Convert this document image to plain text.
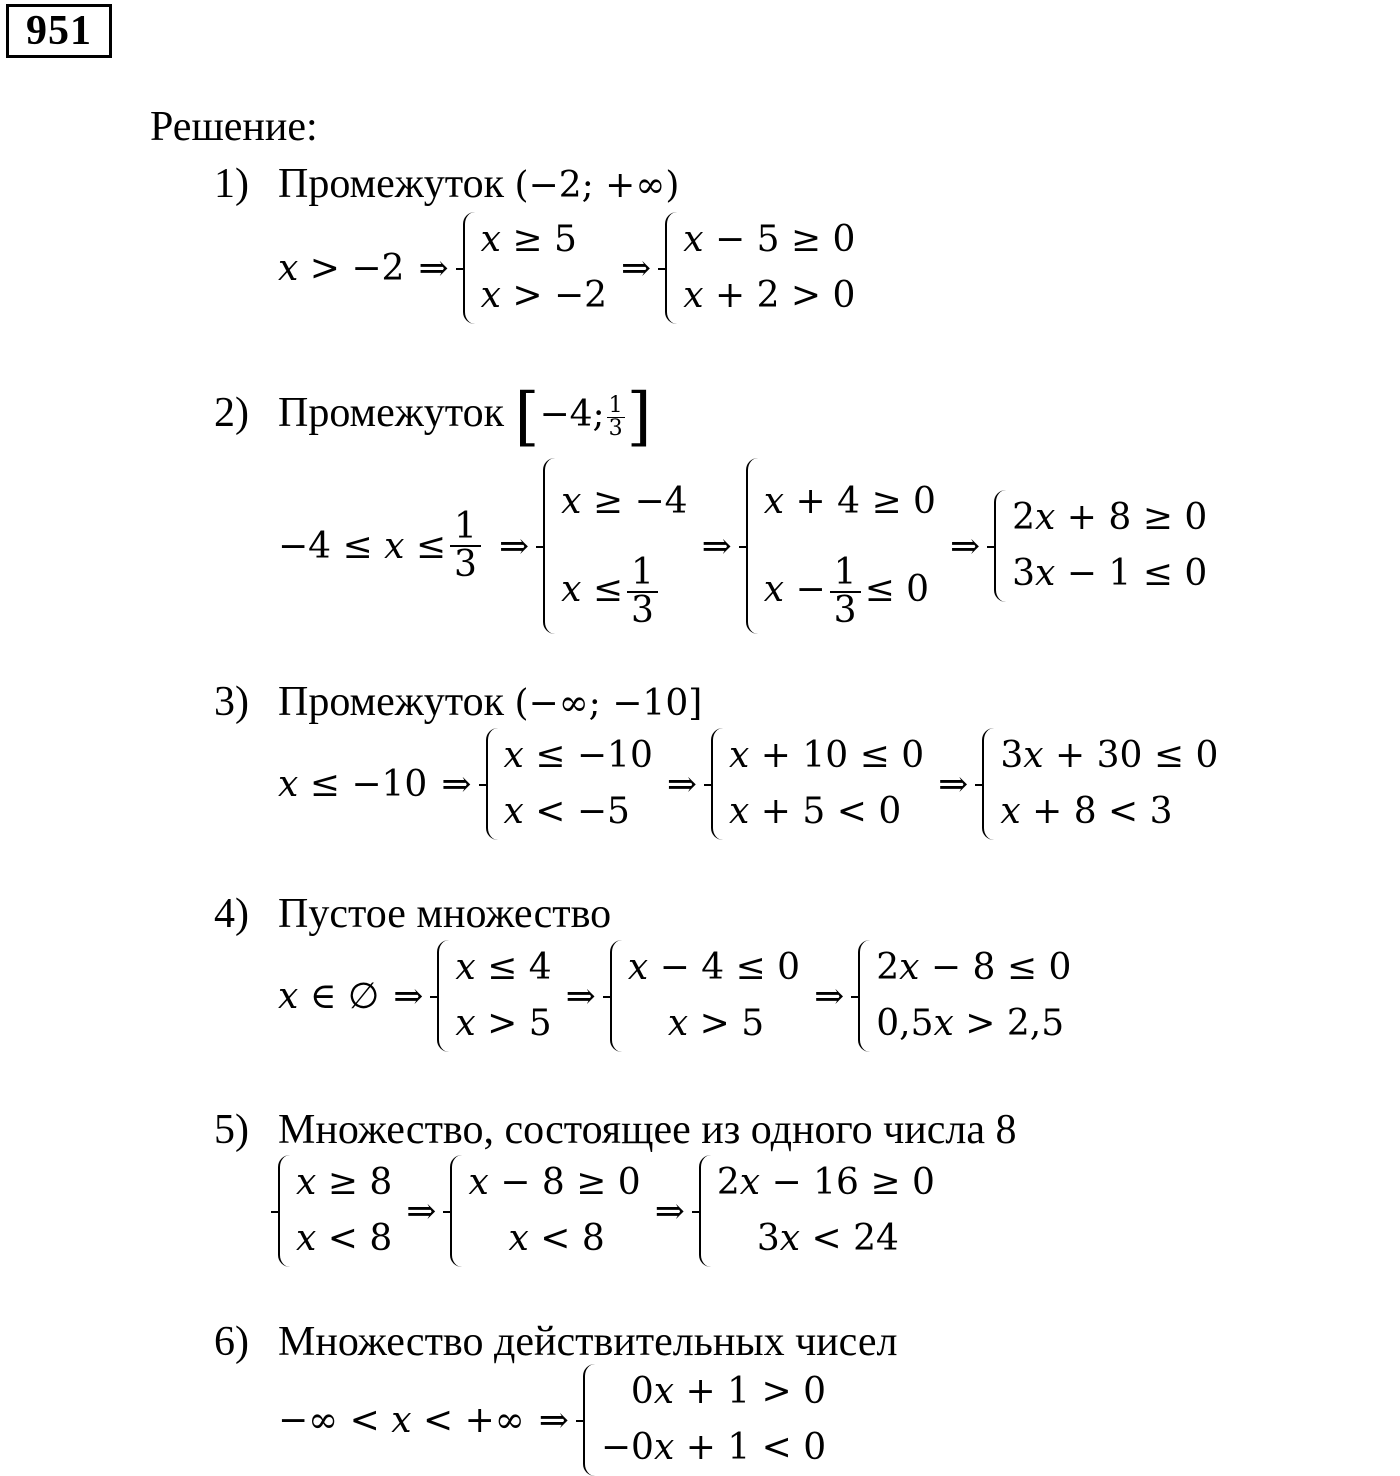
951
Решение:
1) Промежуток (−2; +∞)
x > −2 ⇒
x ≥ 5
x > −2
⇒
x − 5 ≥ 0
x + 2 > 0
2) Промежуток [−4; $\frac{1}{3}$ ]
$-4 \le x \le \frac{1}{3}$ ⇒
x ≥ −4
$x \le \frac{1}{3}$
⇒
x + 4 ≥ 0
$x - \frac{1}{3} \le 0$
⇒
2x + 8 ≥ 0
3x − 1 ≤ 0
3) Промежуток (−∞; −10]
x ≤ −10 ⇒
x ≤ −10
x < −5
⇒
x + 10 ≤ 0
x + 5 < 0
⇒
3x + 30 ≤ 0
x + 8 < 3
4) Пустое множество
x ∈ ∅ ⇒
x ≤ 4
x > 5
⇒
x − 4 ≤ 0
x > 5
⇒
2x − 8 ≤ 0
0,5x > 2,5
5) Множество, состоящее из одного числа 8
x ≥ 8
x < 8
⇒
x − 8 ≥ 0
x < 8
⇒
2x − 16 ≥ 0
3x < 24
6) Множество действительных чисел
−∞ < x < +∞ ⇒
0x + 1 > 0
−0x + 1 < 0
